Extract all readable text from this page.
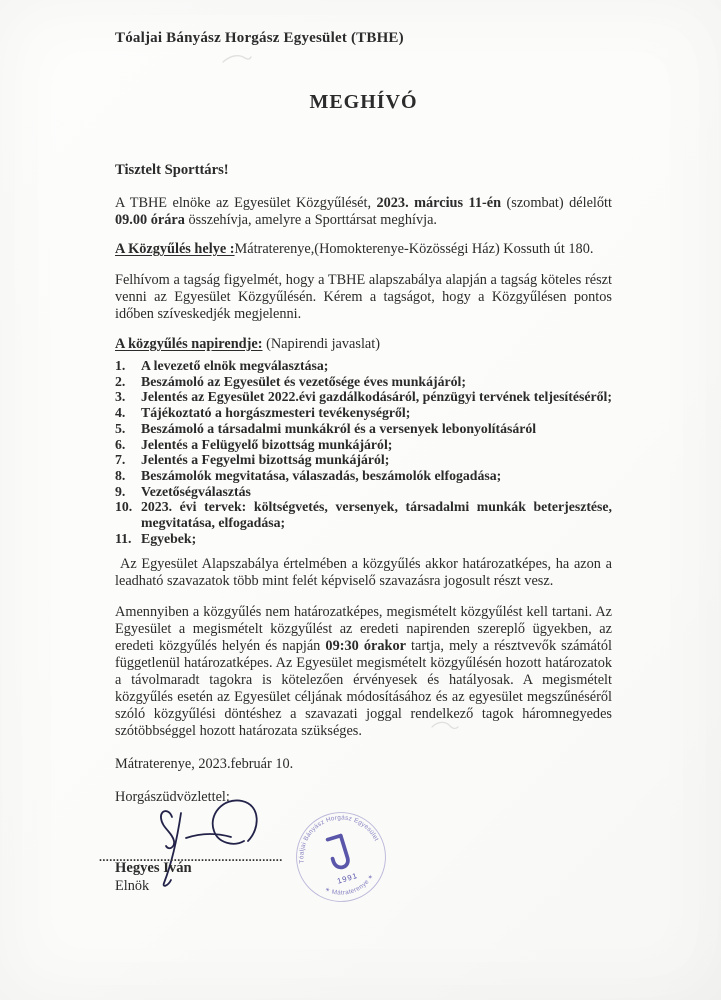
Tóaljai Bányász Horgász Egyesület (TBHE)
MEGHÍVÓ

Tisztelt Sporttárs!

A TBHE elnöke az Egyesület Közgyűlését, 2023. március 11-én (szombat) délelőtt 09.00 órára összehívja, amelyre a Sporttársat meghívja.

A Közgyűlés helye :Mátraterenye,(Homokterenye-Közösségi Ház) Kossuth út 180.

Felhívom a tagság figyelmét, hogy a TBHE alapszabálya alapján a tagság köteles részt venni az Egyesület Közgyűlésén. Kérem a tagságot, hogy a Közgyűlésen pontos időben szíveskedjék megjelenni.

A közgyűlés napirendje: (Napirendi javaslat)

A levezető elnök megválasztása;
Beszámoló az Egyesület és vezetősége éves munkájáról;
Jelentés az Egyesület 2022.évi gazdálkodásáról, pénzügyi tervének teljesítéséről;
Tájékoztató a horgászmesteri tevékenységről;
Beszámoló a társadalmi munkákról és a versenyek lebonyolításáról
Jelentés a Felügyelő bizottság munkájáról;
Jelentés a Fegyelmi bizottság munkájáról;
Beszámolók megvitatása, válaszadás, beszámolók elfogadása;
Vezetőségválasztás
2023. évi tervek: költségvetés, versenyek, társadalmi munkák beterjesztése, megvitatása, elfogadása;
Egyebek;

Az Egyesület Alapszabálya értelmében a közgyűlés akkor határozatképes, ha azon a leadható szavazatok több mint felét képviselő szavazásra jogosult részt vesz.

Amennyiben a közgyűlés nem határozatképes, megismételt közgyűlést kell tartani. Az Egyesület a megismételt közgyűlést az eredeti napirenden szereplő ügyekben, az eredeti közgyűlés helyén és napján 09:30 órakor tartja, mely a résztvevők számától függetlenül határozatképes. Az Egyesület megismételt közgyűlésén hozott határozatok a távolmaradt tagokra is kötelezően érvényesek és hatályosak. A megismételt közgyűlés esetén az Egyesület céljának módosításához és az egyesület megszűnéséről szóló közgyűlési döntéshez a szavazati joggal rendelkező tagok háromnegyedes szótöbbséggel hozott határozata szükséges.

Mátraterenye, 2023.február 10.

Horgászüdvözlettel:

Tóaljai Bányász Horgász Egyesület
✶ Mátraterenye ✶
1991
......................................................
Hegyes Iván
Elnök
